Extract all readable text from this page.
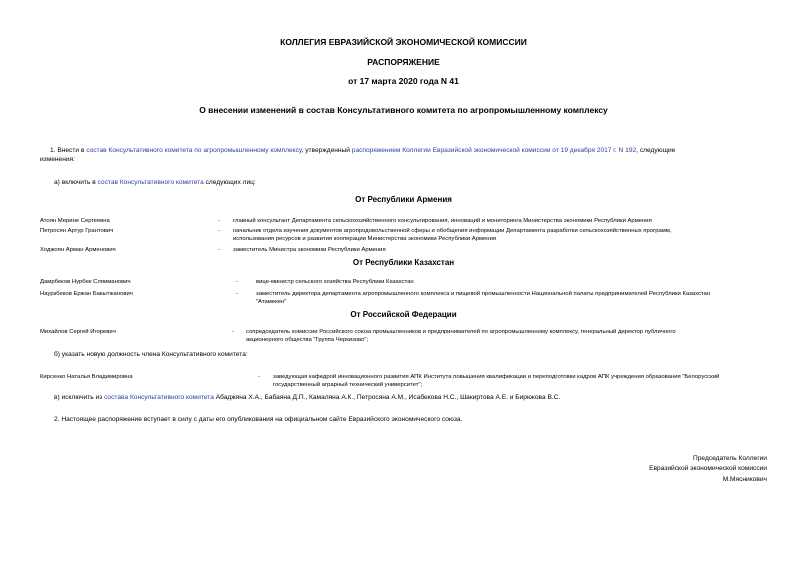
КОЛЛЕГИЯ ЕВРАЗИЙСКОЙ ЭКОНОМИЧЕСКОЙ КОМИССИИ
РАСПОРЯЖЕНИЕ
от 17 марта 2020 года N 41
О внесении изменений в состав Консультативного комитета по агропромышленному комплексу
1. Внести в состав Консультативного комитета по агропромышленному комплексу, утвержденный распоряжением Коллегии Евразийской экономической комиссии от 19 декабря 2017 г. N 192, следующие
изменения:
а) включить в состав Консультативного комитета следующих лиц:
От Республики Армения
Атоян Мерине Сергеевна	- главный консультант Департамента сельскохозяйственного консультирования, инноваций и мониторинга Министерства экономики Республики Армения
Петросян Артур Грантович	- начальник отдела изучения документов агропродовольственной сферы и обобщения информации Департамента разработки сельскохозяйственных программ,
использования ресурсов и развития кооперации Министерства экономики Республики Армения
Ходжоян Арман Арменович	- заместитель Министра экономики Республики Армения
От Республики Казахстан
Дамрбеков Нурбек Сляиманович	-	вице-министр сельского хозяйства Республики Казахстан
Наурзбеков Ержан Бакытжанович	-	заместитель директора департамента агропромышленного комплекса и пищевой промышленности Национальной палаты предпринимателей Республики Казахстан
"Атамекен"
От Российской Федерации
Михайлов Сергей Игоревич	- сопредседатель комиссии Российского союза промышленников и предпринимателей по агропромышленному комплексу, генеральный директор публичного
акционерного общества "Группа Черкизово";
б) указать новую должность члена Консультативного комитета:
Кирсенко Наталья Владимировна	- заведующая кафедрой инновационного развития АПК Института повышения квалификации и переподготовки кадров АПК учреждения образования "Белорусский
государственный аграрный технический университет";
в) исключить из состава Консультативного комитета Абаджяна Х.А., Бабаяна Д.П., Камаляна А.К., Петросяна А.М., Исабекова Н.С., Шакиртова А.Е. и Бирюкова В.С.
2. Настоящее распоряжение вступает в силу с даты его опубликования на официальном сайте Евразийского экономического союза.
Председатель Коллегии
Евразийской экономической комиссии
М.Мясникович
